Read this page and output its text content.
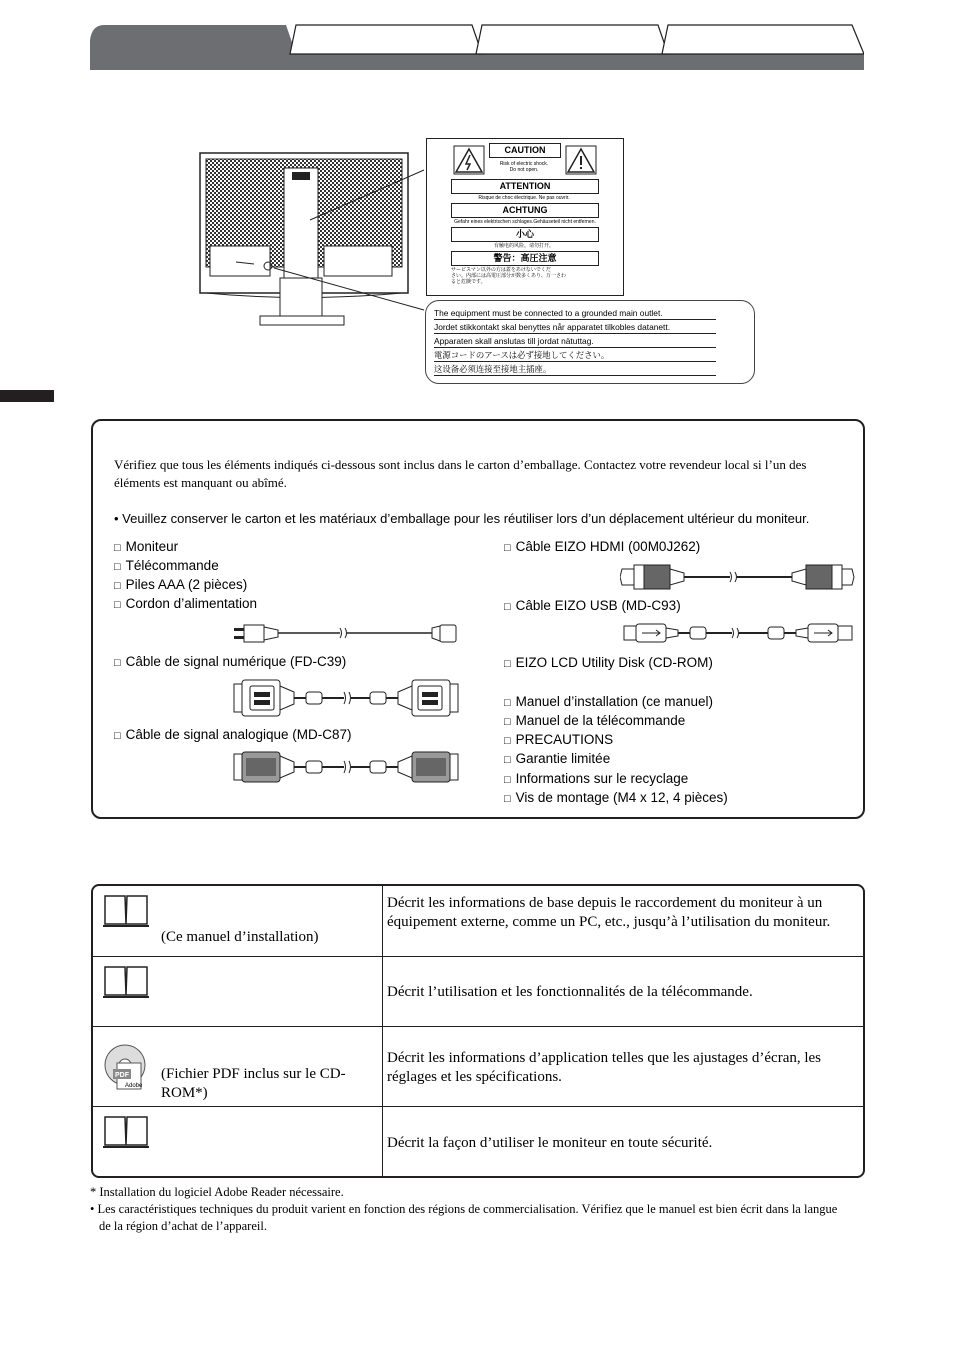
CAUTION
Risk of electric shock.
Do not open.
ATTENTION
Risque de choc électrique. Ne pas ouvrir.
ACHTUNG
Gefahr eines elektrischen schlages.Gehäuseteil nicht entfernen.
小心
有触电的风险。请勿打开。
警告：高圧注意
サービスマン以外の方は蓋をあけないでくだ
さい。内部には高電圧部分が数多くあり、万一さわ
ると危険です。
The equipment must be connected to a grounded main outlet.
Jordet stikkontakt skal benyttes når apparatet tilkobles datanett.
Apparaten skall anslutas till jordat nätuttag.
電源コードのアースは必ず接地してください。
这设备必须连接至接地主插座。
Vérifiez que tous les éléments indiqués ci-dessous sont inclus dans le carton d’emballage. Contactez votre revendeur local si l’un des éléments est manquant ou abîmé.
• Veuillez conserver le carton et les matériaux d’emballage pour les réutiliser lors d’un déplacement ultérieur du moniteur.
□ Moniteur
□ Télécommande
□ Piles AAA (2 pièces)
□ Cordon d’alimentation
□ Câble de signal numérique (FD-C39)
□ Câble de signal analogique (MD-C87)
□ Câble EIZO HDMI (00M0J262)
□ Câble EIZO USB (MD-C93)
□ EIZO LCD Utility Disk (CD-ROM)
□ Manuel d’installation (ce manuel)
□ Manuel de la télécommande
□ PRECAUTIONS
□ Garantie limitée
□ Informations sur le recyclage
□ Vis de montage (M4 x 12, 4 pièces)
(Ce manuel d’installation)
Décrit les informations de base depuis le raccordement du moniteur à un équipement externe, comme un PC, etc., jusqu’à l’utilisation du moniteur.
Décrit l’utilisation et les fonctionnalités de la télécommande.
PDF
Adobe
(Fichier PDF inclus sur le CD-ROM*)
Décrit les informations d’application telles que les ajustages d’écran, les réglages et les spécifications.
Décrit la façon d’utiliser le moniteur en toute sécurité.
* Installation du logiciel Adobe Reader nécessaire.
• Les caractéristiques techniques du produit varient en fonction des régions de commercialisation. Vérifiez que le manuel est bien écrit dans la langue de la région d’achat de l’appareil.
